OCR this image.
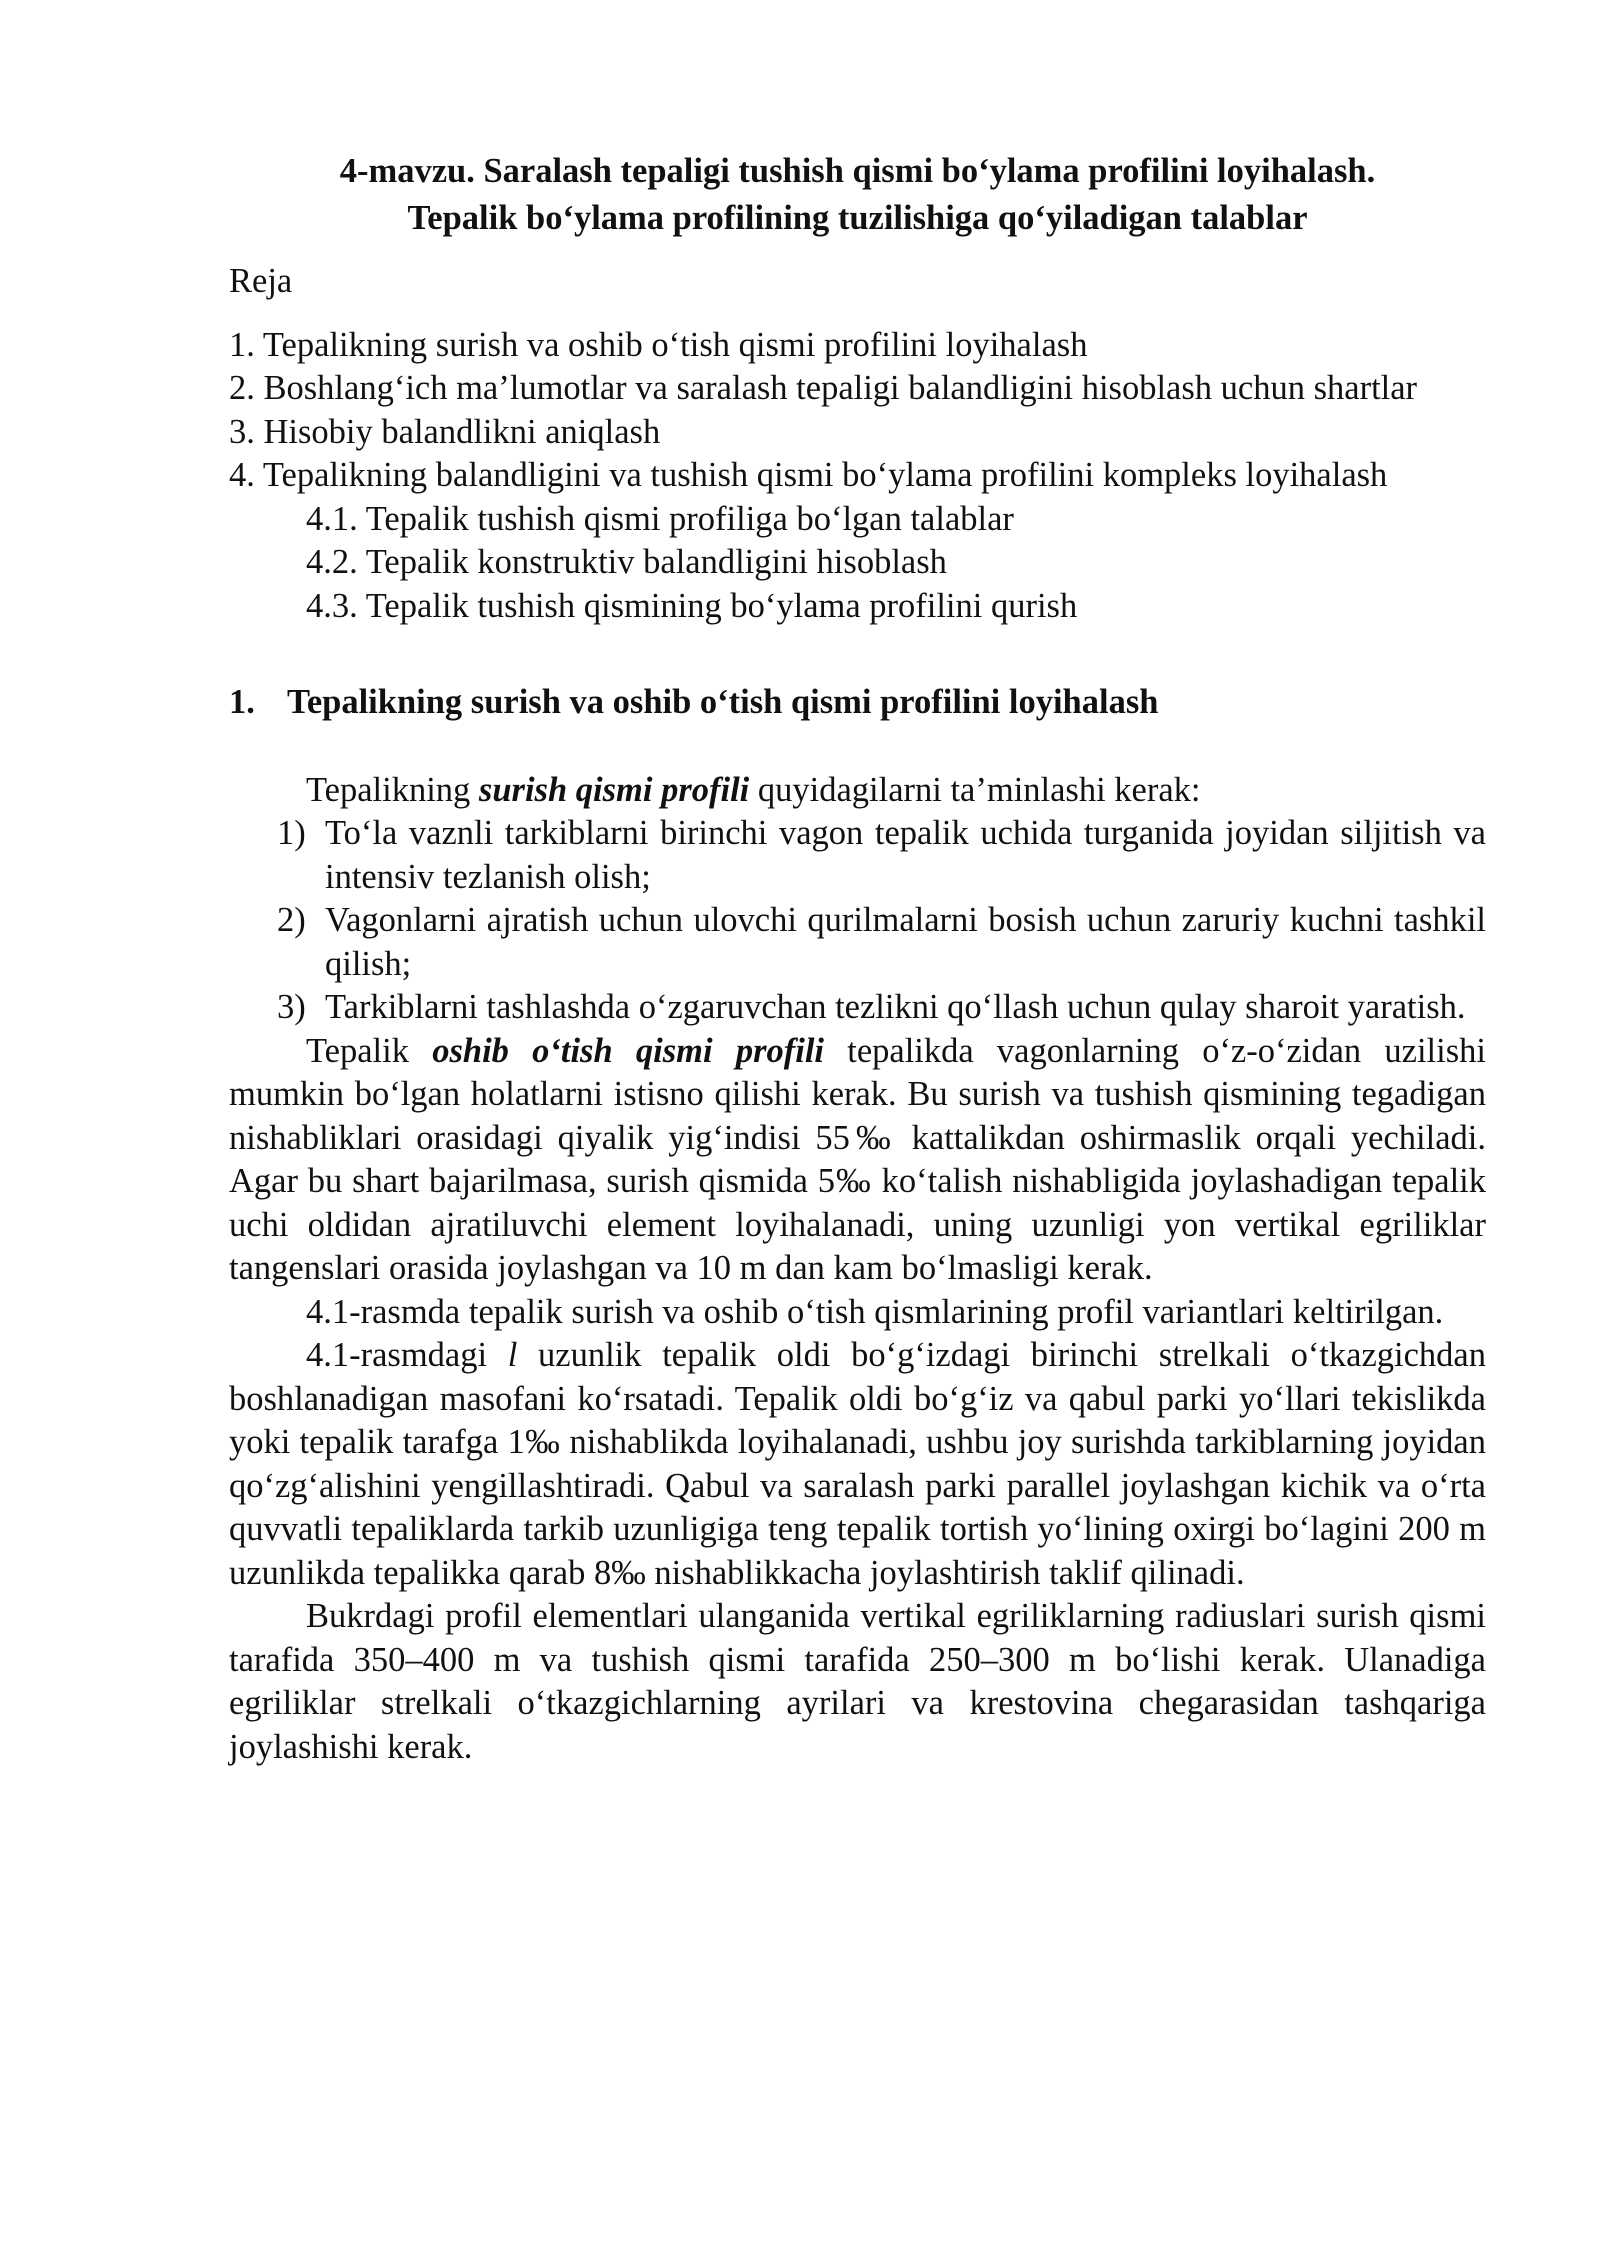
4-mavzu. Saralash tepaligi tushish qismi bo‘ylama profilini loyihalash.
Tepalik bo‘ylama profilining tuzilishiga qo‘yiladigan talablar

Reja

1. Tepalikning surish va oshib o‘tish qismi profilini loyihalash

2. Boshlang‘ich ma’lumotlar va saralash tepaligi balandligini hisoblash uchun shartlar

3. Hisobiy balandlikni aniqlash

4. Tepalikning balandligini va tushish qismi bo‘ylama profilini kompleks loyihalash

4.1. Tepalik tushish qismi profiliga bo‘lgan talablar

4.2. Tepalik konstruktiv balandligini hisoblash

4.3. Tepalik tushish qismining bo‘ylama profilini qurish

1. Tepalikning surish va oshib o‘tish qismi profilini loyihalash

Tepalikning surish qismi profili quyidagilarni ta’minlashi kerak:

1) To‘la vaznli tarkiblarni birinchi vagon tepalik uchida turganida joyidan siljitish va intensiv tezlanish olish;
2) Vagonlarni ajratish uchun ulovchi qurilmalarni bosish uchun zaruriy kuchni tashkil qilish;
3) Tarkiblarni tashlashda o‘zgaruvchan tezlikni qo‘llash uchun qulay sharoit yaratish.

Tepalik oshib o‘tish qismi profili tepalikda vagonlarning o‘z-o‘zidan uzilishi mumkin bo‘lgan holatlarni istisno qilishi kerak. Bu surish va tushish qismining tegadigan nishabliklari orasidagi qiyalik yig‘indisi 55‰ kattalikdan oshirmaslik orqali yechiladi. Agar bu shart bajarilmasa, surish qismida 5‰ ko‘talish nishabligida joylashadigan tepalik uchi oldidan ajratiluvchi element loyihalanadi, uning uzunligi yon vertikal egriliklar tangenslari orasida joylashgan va 10 m dan kam bo‘lmasligi kerak.

4.1-rasmda tepalik surish va oshib o‘tish qismlarining profil variantlari keltirilgan.

4.1-rasmdagi l uzunlik tepalik oldi bo‘g‘izdagi birinchi strelkali o‘tkazgichdan boshlanadigan masofani ko‘rsatadi. Tepalik oldi bo‘g‘iz va qabul parki yo‘llari tekislikda yoki tepalik tarafga 1‰ nishablikda loyihalanadi, ushbu joy surishda tarkiblarning joyidan qo‘zg‘alishini yengillashtiradi. Qabul va saralash parki parallel joylashgan kichik va o‘rta quvvatli tepaliklarda tarkib uzunligiga teng tepalik tortish yo‘lining oxirgi bo‘lagini 200 m uzunlikda tepalikka qarab 8‰ nishablikkacha joylashtirish taklif qilinadi.

Bukrdagi profil elementlari ulanganida vertikal egriliklarning radiuslari surish qismi tarafida 350–400 m va tushish qismi tarafida 250–300 m bo‘lishi kerak. Ulanadiga egriliklar strelkali o‘tkazgichlarning ayrilari va krestovina chegarasidan tashqariga joylashishi kerak.
